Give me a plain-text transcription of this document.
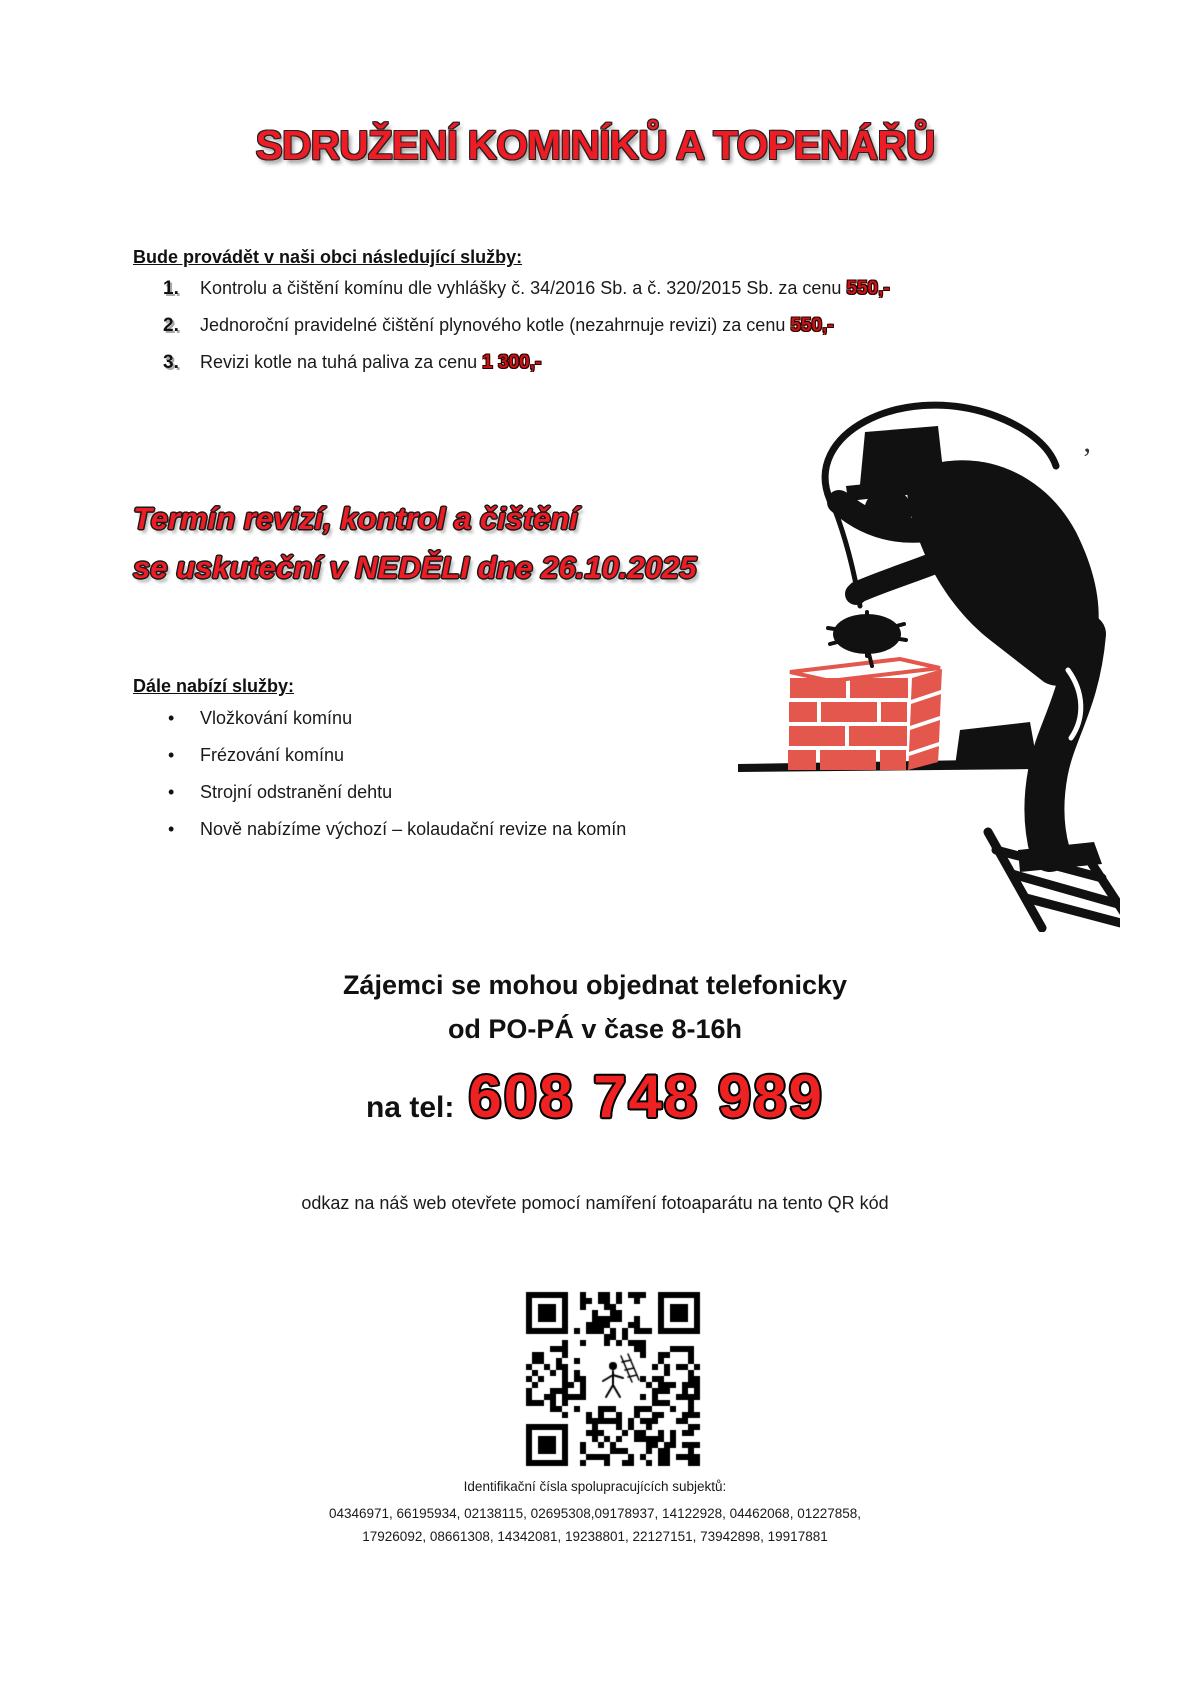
SDRUŽENÍ KOMINÍKŮ A TOPENÁŘŮ
Bude provádět v naši obci následující služby:
1.	Kontrolu a čištění komínu dle vyhlášky č. 34/2016 Sb. a č. 320/2015 Sb. za cenu 550,-
2.	Jednoroční pravidelné čištění plynového kotle (nezahrnuje revizi) za cenu 550,-
3.	Revizi kotle na tuhá paliva za cenu 1 300,-
Termín revizí, kontrol a čištění
se uskuteční v NEDĚLI dne 26.10.2025
Dále nabízí služby:
•	Vložkování komínu
•	Frézování komínu
•	Strojní odstranění dehtu
•	Nově nabízíme výchozí – kolaudační revize na komín
Zájemci se mohou objednat telefonicky
od PO-PÁ v čase 8-16h
na tel: 608 748 989
odkaz na náš web otevřete pomocí namíření fotoaparátu na tento QR kód
Identifikační čísla spolupracujících subjektů:
04346971, 66195934, 02138115, 02695308,09178937, 14122928, 04462068, 01227858,
17926092, 08661308, 14342081, 19238801, 22127151, 73942898, 19917881
’
